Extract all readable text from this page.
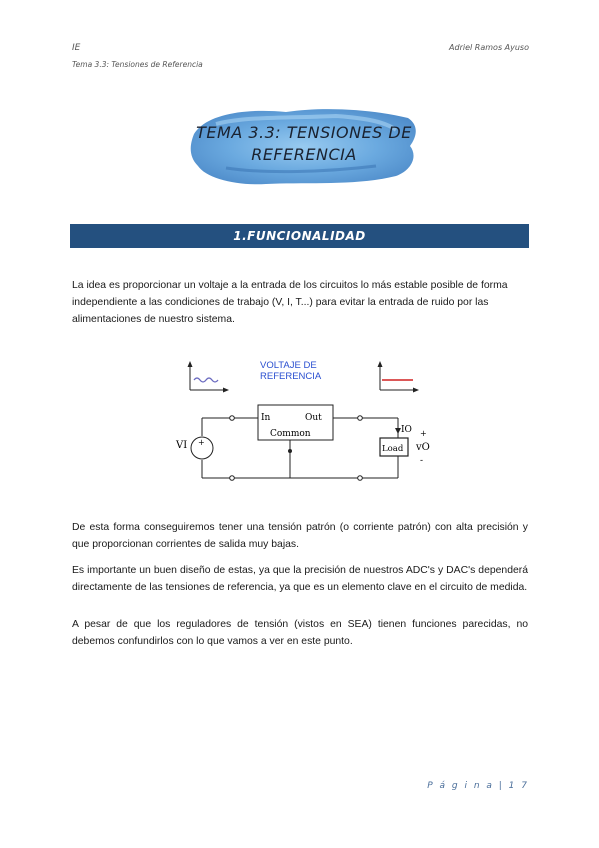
IE
Tema 3.3: Tensiones de Referencia
Adriel Ramos Ayuso
TEMA 3.3: TENSIONES DE
REFERENCIA
1.FUNCIONALIDAD

La idea es proporcionar un voltaje a la entrada de los circuitos lo más estable posible de forma independiente a las condiciones de trabajo (V, I, T...) para evitar la entrada de ruido por las alimentaciones de nuestro sistema.

VOLTAJE DE
REFERENCIA
In	Out
Common
+
VI	Load
IO +
vO
-

De esta forma conseguiremos tener una tensión patrón (o corriente patrón) con alta precisión y que proporcionan corrientes de salida muy bajas.

Es importante un buen diseño de estas, ya que la precisión de nuestros ADC's y DAC's dependerá directamente de las tensiones de referencia, ya que es un elemento clave en el circuito de medida.

A pesar de que los reguladores de tensión (vistos en SEA) tienen funciones parecidas, no debemos confundirlos con lo que vamos a ver en este punto.

P á g i n a | 1 7
